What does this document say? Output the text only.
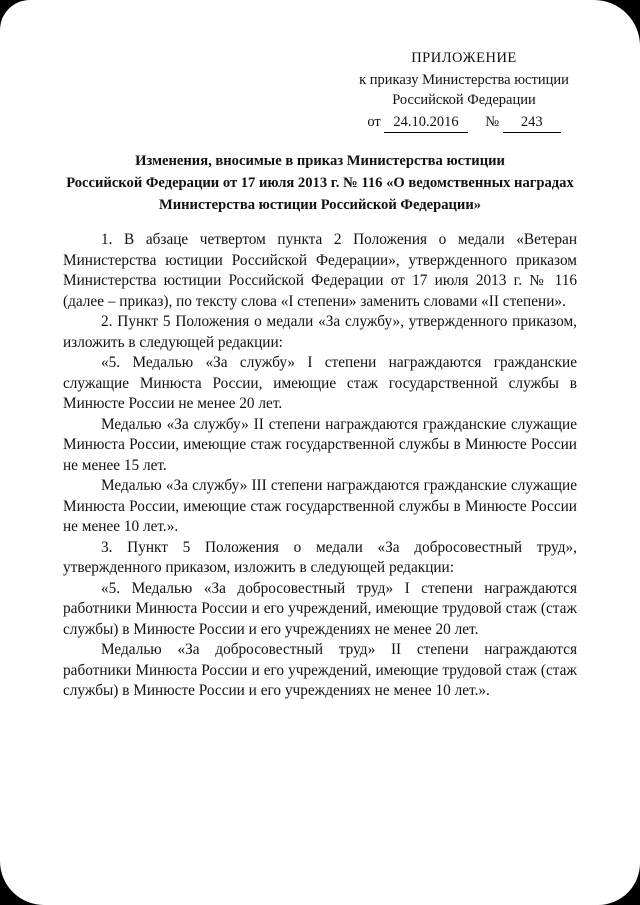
ПРИЛОЖЕНИЕ
к приказу Министерства юстиции
Российской Федерации
от 24.10.2016 № 243
Изменения, вносимые в приказ Министерства юстиции
Российской Федерации от 17 июля 2013 г. № 116 «О ведомственных наградах
Министерства юстиции Российской Федерации»

1. В абзаце четвертом пункта 2 Положения о медали «Ветеран Министерства юстиции Российской Федерации», утвержденного приказом Министерства юстиции Российской Федерации от 17 июля 2013 г. № 116 (далее – приказ), по тексту слова «I степени» заменить словами «II степени».

2. Пункт 5 Положения о медали «За службу», утвержденного приказом, изложить в следующей редакции:

«5. Медалью «За службу» I степени награждаются гражданские служащие Минюста России, имеющие стаж государственной службы в Минюсте России не менее 20 лет.

Медалью «За службу» II степени награждаются гражданские служащие Минюста России, имеющие стаж государственной службы в Минюсте России не менее 15 лет.

Медалью «За службу» III степени награждаются гражданские служащие Минюста России, имеющие стаж государственной службы в Минюсте России не менее 10 лет.».

3. Пункт 5 Положения о медали «За добросовестный труд», утвержденного приказом, изложить в следующей редакции:

«5. Медалью «За добросовестный труд» I степени награждаются работники Минюста России и его учреждений, имеющие трудовой стаж (стаж службы) в Минюсте России и его учреждениях не менее 20 лет.

Медалью «За добросовестный труд» II степени награждаются работники Минюста России и его учреждений, имеющие трудовой стаж (стаж службы) в Минюсте России и его учреждениях не менее 10 лет.».
